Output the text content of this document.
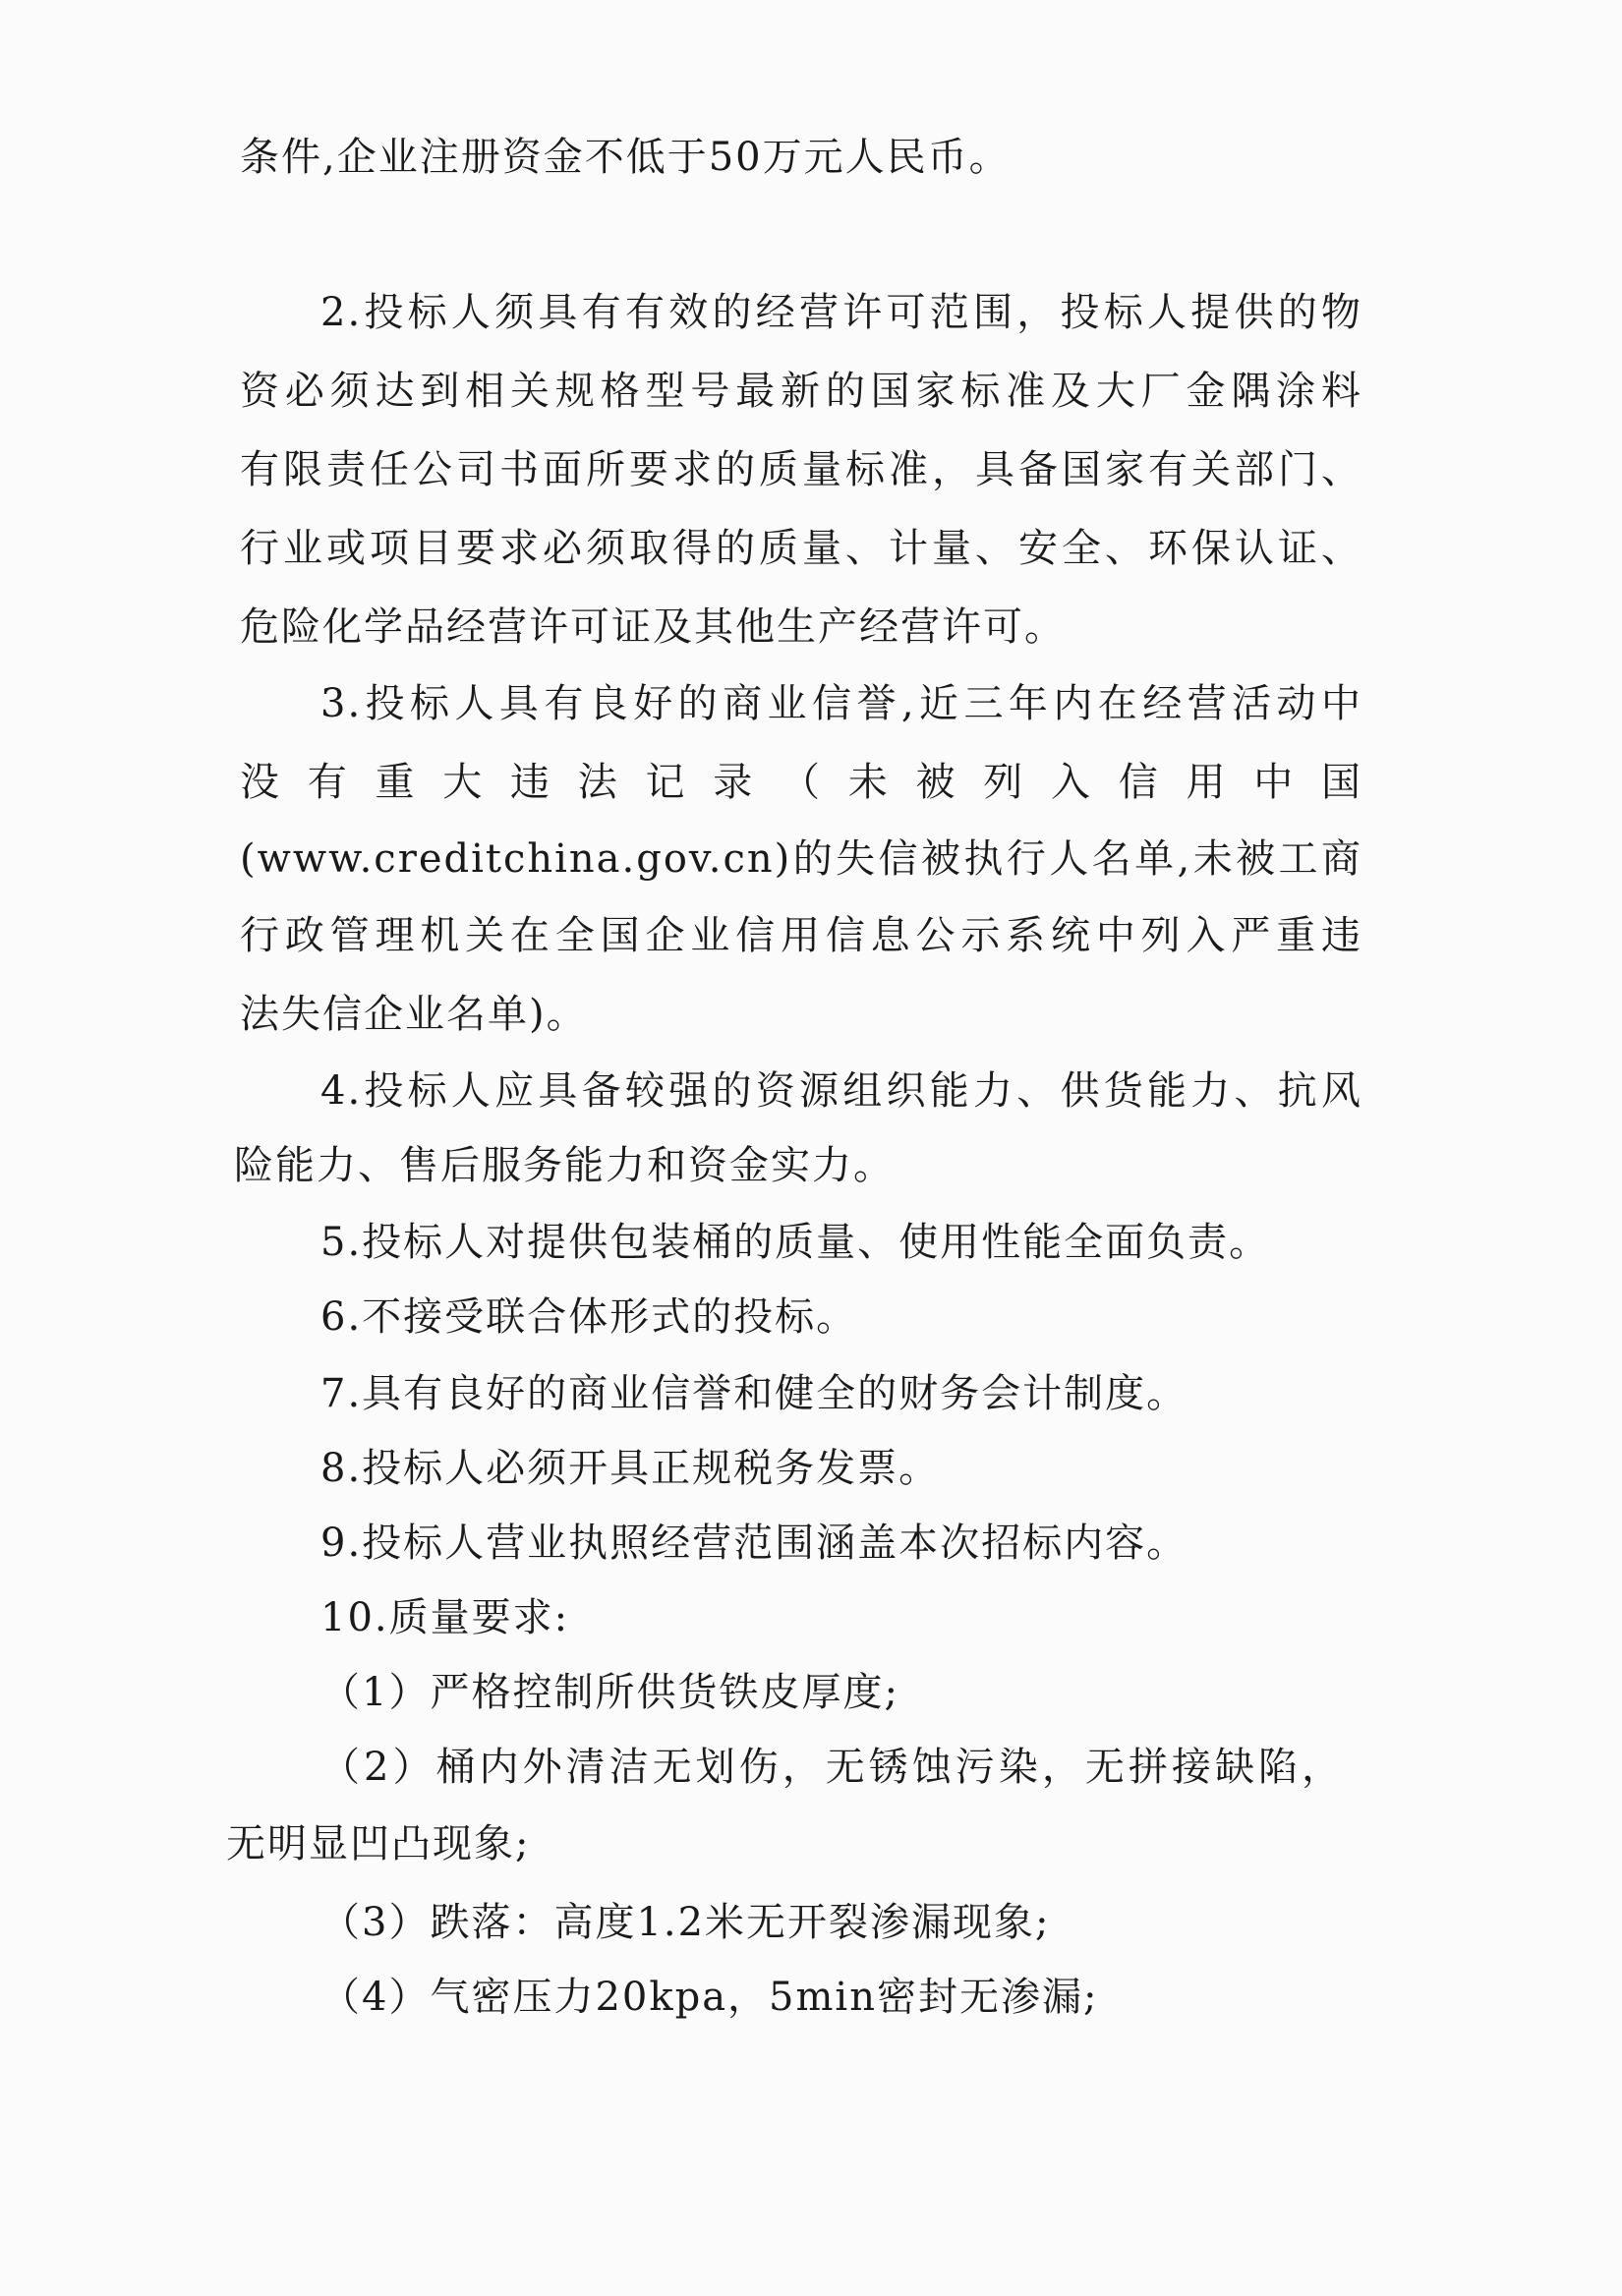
条件,企业注册资金不低于50万元人民币。
2.投标人须具有有效的经营许可范围，投标人提供的物
资必须达到相关规格型号最新的国家标准及大厂金隅涂料
有限责任公司书面所要求的质量标准，具备国家有关部门、
行业或项目要求必须取得的质量、计量、安全、环保认证、
危险化学品经营许可证及其他生产经营许可。
3.投标人具有良好的商业信誉,近三年内在经营活动中
没有重大违法记录（未被列入信用中国
(www.creditchina.gov.cn)的失信被执行人名单,未被工商
行政管理机关在全国企业信用信息公示系统中列入严重违
法失信企业名单)。
4.投标人应具备较强的资源组织能力、供货能力、抗风
险能力、售后服务能力和资金实力。
5.投标人对提供包装桶的质量、使用性能全面负责。
6.不接受联合体形式的投标。
7.具有良好的商业信誉和健全的财务会计制度。
8.投标人必须开具正规税务发票。
9.投标人营业执照经营范围涵盖本次招标内容。
10.质量要求:
（1）严格控制所供货铁皮厚度;
（2）桶内外清洁无划伤，无锈蚀污染，无拼接缺陷，
无明显凹凸现象;
（3）跌落：高度1.2米无开裂渗漏现象;
（4）气密压力20kpa，5min密封无渗漏;
